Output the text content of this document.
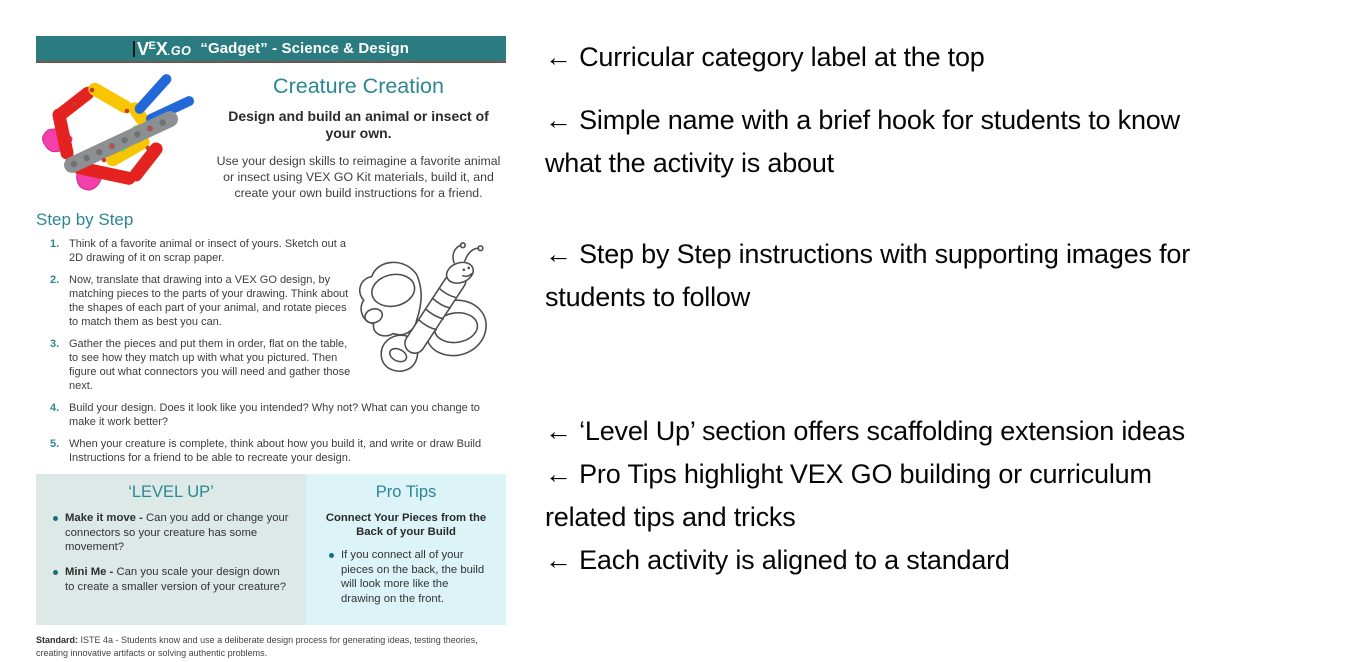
V E X . GO “Gadget” - Science & Design
Creature Creation
Design and build an animal or insect of your own.
Use your design skills to reimagine a favorite animal or insect using VEX GO Kit materials, build it, and create your own build instructions for a friend.
Step by Step
1. Think of a favorite animal or insect of yours. Sketch out a 2D drawing of it on scrap paper.
2. Now, translate that drawing into a VEX GO design, by matching pieces to the parts of your drawing. Think about the shapes of each part of your animal, and rotate pieces to match them as best you can.
3. Gather the pieces and put them in order, flat on the table, to see how they match up with what you pictured. Then figure out what connectors you will need and gather those next.
4. Build your design. Does it look like you intended? Why not? What can you change to make it work better?
5. When your creature is complete, think about how you build it, and write or draw Build Instructions for a friend to be able to recreate your design.
‘LEVEL UP’
Make it move - Can you add or change your connectors so your creature has some movement?
Mini Me - Can you scale your design down to create a smaller version of your creature?
Pro Tips
Connect Your Pieces from the Back of your Build
If you connect all of your pieces on the back, the build will look more like the drawing on the front.
Standard: ISTE 4a - Students know and use a deliberate design process for generating ideas, testing theories, creating innovative artifacts or solving authentic problems.
← Curricular category label at the top
← Simple name with a brief hook for students to know
what the activity is about
← Step by Step instructions with supporting images for
students to follow
← ‘Level Up’ section offers scaffolding extension ideas
← Pro Tips highlight VEX GO building or curriculum
related tips and tricks
← Each activity is aligned to a standard
